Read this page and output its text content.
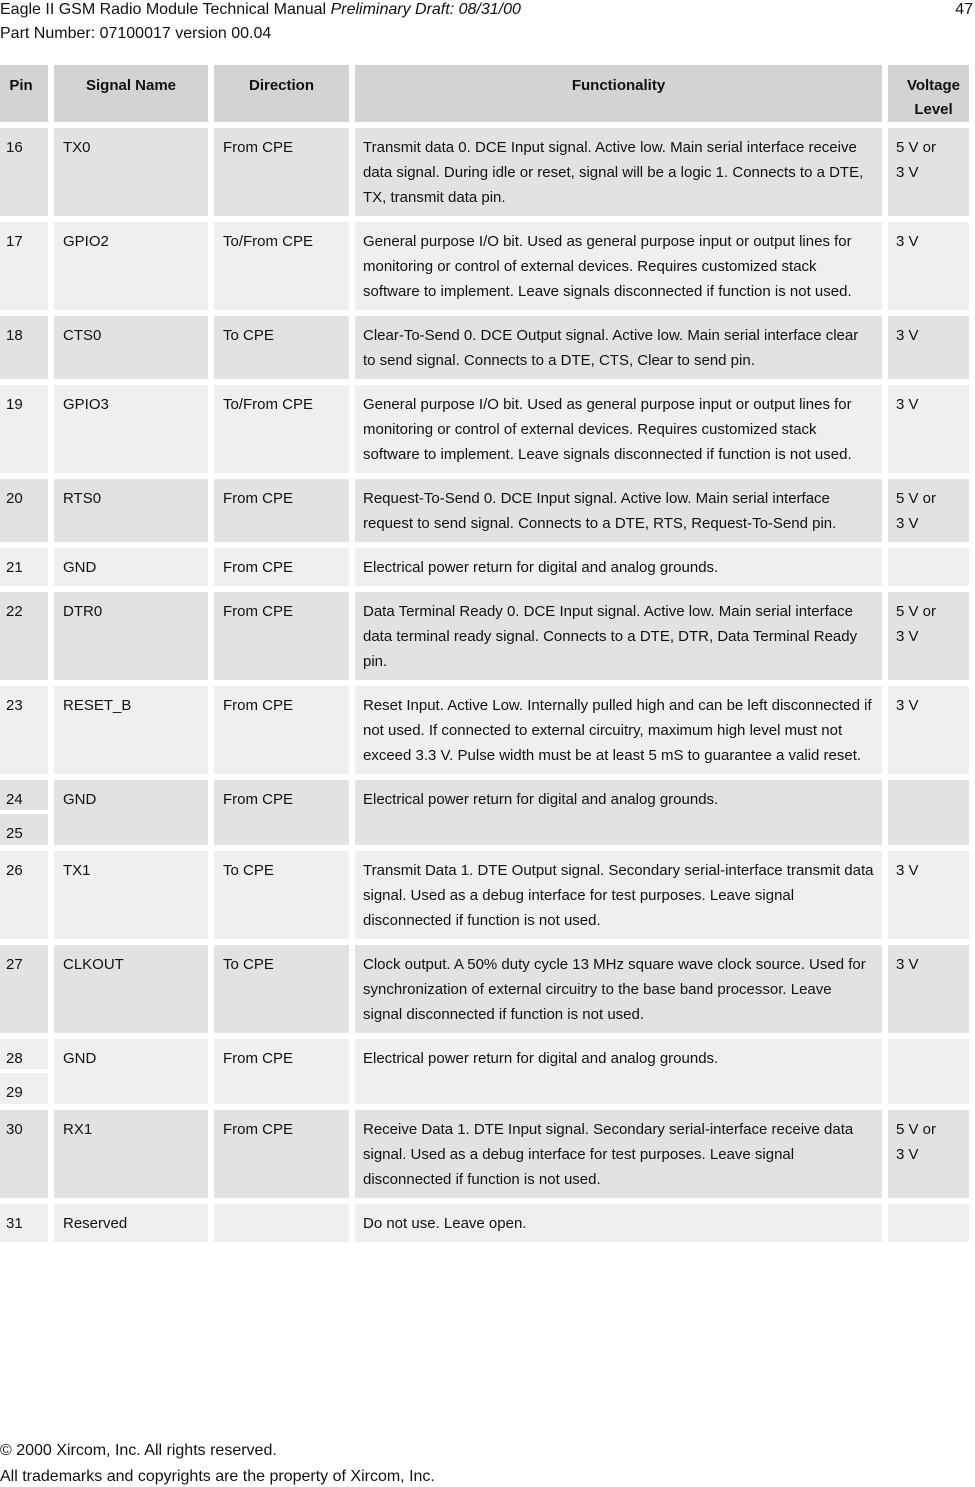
Eagle II GSM Radio Module Technical Manual Preliminary Draft: 08/31/00
Part Number: 07100017 version 00.04
47
Pin	Signal Name	Direction	Functionality	Voltage Level
16	TX0	From CPE	Transmit data 0. DCE Input signal. Active low. Main serial interface receive data signal. During idle or reset, signal will be a logic 1. Connects to a DTE, TX, transmit data pin.	5 V or
3 V
17	GPIO2	To/From CPE	General purpose I/O bit. Used as general purpose input or output lines for monitoring or control of external devices. Requires customized stack software to implement. Leave signals disconnected if function is not used.	3 V
18	CTS0	To CPE	Clear-To-Send 0. DCE Output signal. Active low. Main serial interface clear to send signal. Connects to a DTE, CTS, Clear to send pin.	3 V
19	GPIO3	To/From CPE	General purpose I/O bit. Used as general purpose input or output lines for monitoring or control of external devices. Requires customized stack software to implement. Leave signals disconnected if function is not used.	3 V
20	RTS0	From CPE	Request-To-Send 0. DCE Input signal. Active low. Main serial interface request to send signal. Connects to a DTE, RTS, Request-To-Send pin.	5 V or
3 V
21	GND	From CPE	Electrical power return for digital and analog grounds.	
22	DTR0	From CPE	Data Terminal Ready 0. DCE Input signal. Active low. Main serial interface data terminal ready signal. Connects to a DTE, DTR, Data Terminal Ready pin.	5 V or
3 V
23	RESET_B	From CPE	Reset Input. Active Low. Internally pulled high and can be left disconnected if not used. If connected to external circuitry, maximum high level must not exceed 3.3 V. Pulse width must be at least 5 mS to guarantee a valid reset.	3 V

24
25	GND	From CPE	Electrical power return for digital and analog grounds.	
26	TX1	To CPE	Transmit Data 1. DTE Output signal. Secondary serial-interface transmit data signal. Used as a debug interface for test purposes. Leave signal disconnected if function is not used.	3 V
27	CLKOUT	To CPE	Clock output. A 50% duty cycle 13 MHz square wave clock source. Used for synchronization of external circuitry to the base band processor. Leave signal disconnected if function is not used.	3 V

28
29	GND	From CPE	Electrical power return for digital and analog grounds.	
30	RX1	From CPE	Receive Data 1. DTE Input signal. Secondary serial-interface receive data signal. Used as a debug interface for test purposes. Leave signal disconnected if function is not used.	5 V or
3 V
31	Reserved		Do not use. Leave open.	
© 2000 Xircom, Inc. All rights reserved.
All trademarks and copyrights are the property of Xircom, Inc.
